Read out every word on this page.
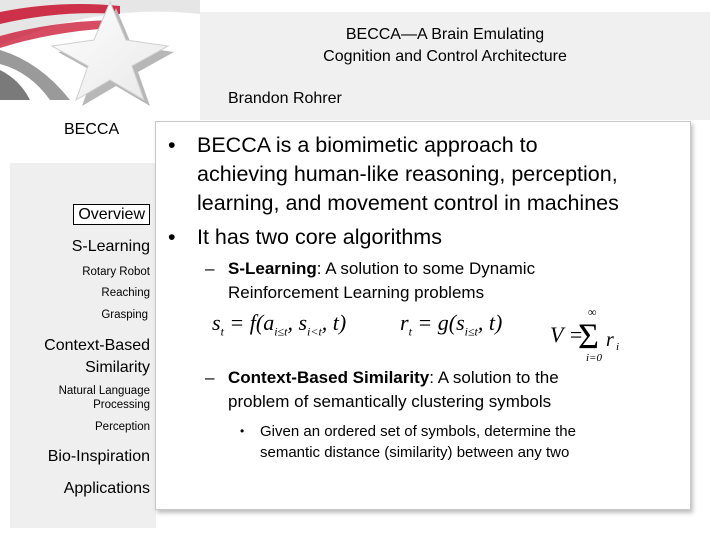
BECCA—A Brain Emulating
Cognition and Control Architecture
Brandon Rohrer
BECCA
Overview
S-Learning
Rotary Robot
Reaching
Grasping
Context-Based
Similarity
Natural Language
Processing
Perception
Bio-Inspiration
Applications
• BECCA is a biomimetic approach to
achieving human-like reasoning, perception,
learning, and movement control in machines
• It has two core algorithms
– S-Learning: A solution to some Dynamic
Reinforcement Learning problems
– Context-Based Similarity: A solution to the
problem of semantically clustering symbols
• Given an ordered set of symbols, determine the
semantic distance (similarity) between any two
$s_t = f(a_{i\le t}$, $s_{i<t}$, t) $r_t = g(s_{i\le t}$, t) V =
∞
Σ r i
i=0
